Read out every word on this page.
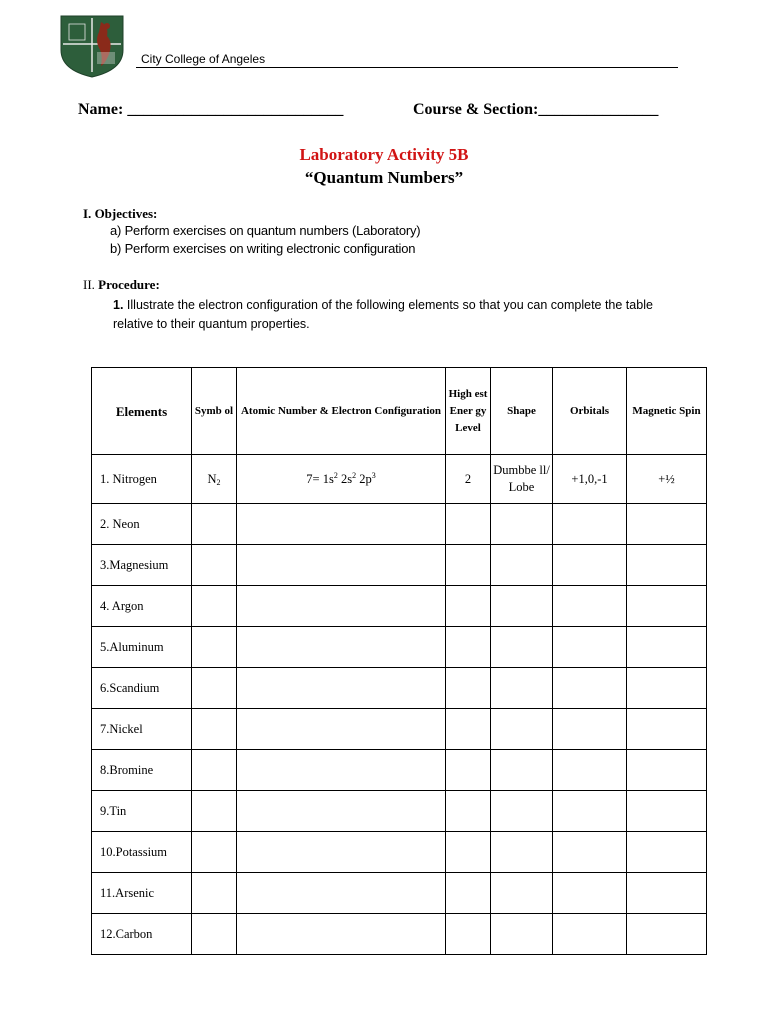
City College of Angeles
Name: ___________________________	Course & Section:_______________
Laboratory Activity 5B
“Quantum Numbers”
I. Objectives:
a) Perform exercises on quantum numbers (Laboratory)
b) Perform exercises on writing electronic configuration
II. Procedure:
1. Illustrate the electron configuration of the following elements so that you can complete the table relative to their quantum properties.
Elements	Symb ol	Atomic Number & Electron Configuration	High est Ener gy Level	Shape	Orbitals	Magnetic Spin
1. Nitrogen	$N_2$	$7= 1s^2$ $2s^2$ $2p^3$	2	Dumbbe ll/ Lobe	+1,0,-1	+½
2. Neon						
3.Magnesium						
4. Argon						
5.Aluminum						
6.Scandium						
7.Nickel						
8.Bromine						
9.Tin						
10.Potassium						
11.Arsenic						
12.Carbon						
